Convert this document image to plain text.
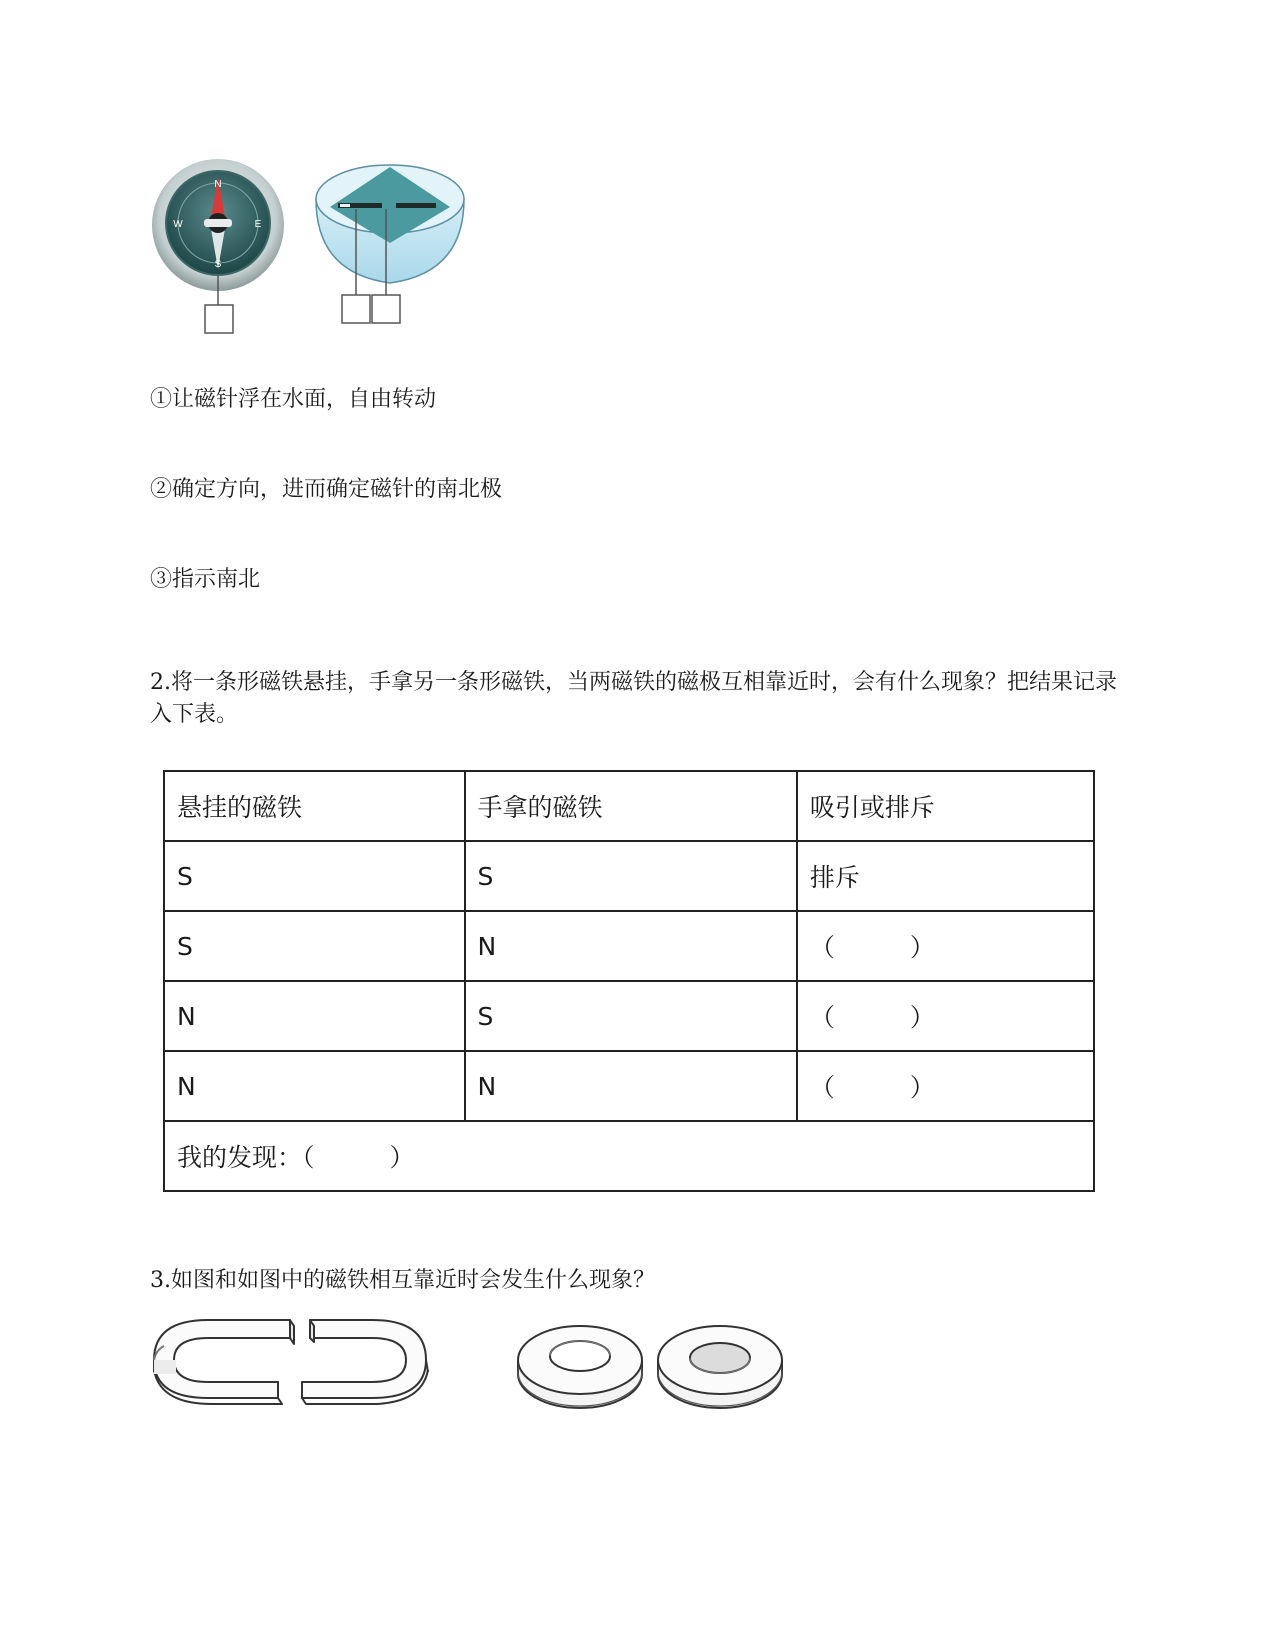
N
S
E
W
①让磁针浮在水面，自由转动
②确定方向，进而确定磁针的南北极
③指示南北
2.将一条形磁铁悬挂，手拿另一条形磁铁，当两磁铁的磁极互相靠近时，会有什么现象？把结果记录入下表。
悬挂的磁铁	手拿的磁铁	吸引或排斥
S	S	排斥
S	N	（　　　）
N	S	（　　　）
N	N	（　　　）
我的发现：（　　　）		
3.如图和如图中的磁铁相互靠近时会发生什么现象？
